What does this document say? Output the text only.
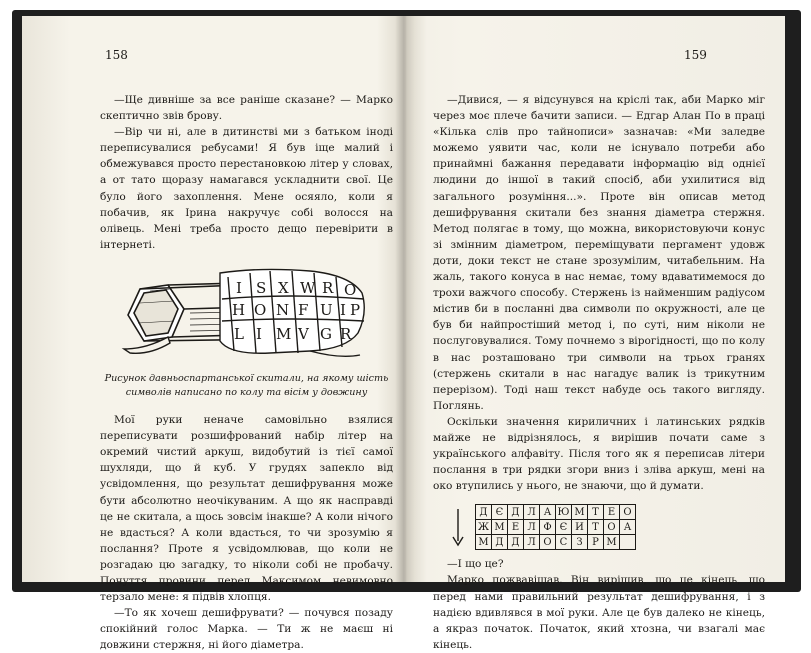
—Ще дивніше за все раніше сказане? — Марко скептично звів брову.

—Вір чи ні, але в дитинстві ми з батьком іноді переписувалися ребусами! Я був іще малий і обмежувався просто перестановкою літер у словах, а от тато щоразу намагався ускладнити свої. Це було його захоплення. Мене осяяло, коли я побачив, як Ірина накручує собі волосся на олівець. Мені треба просто дещо перевірити в інтернеті.

I S X W R O
H O N F U I P
L I M V G R
Рисунок давньоспартанської скитали, на якому шість символів написано по колу та вісім у довжину

Мої руки неначе самовільно взялися переписувати розшифрований набір літер на окремий чистий аркуш, видобутий із тієї самої шухляди, що й куб. У грудях запекло від усвідомлення, що результат дешифрування може бути абсолютно неочікуваним. А що як насправді це не скитала, а щось зовсім інакше? А коли нічого не вдасться? А коли вдасться, то чи зрозумію я послання? Проте я усвідомлював, що коли не розгадаю цю загадку, то ніколи собі не пробачу. Почуття провини перед Максимом невимовно терзало мене: я підвів хлопця.

—То як хочеш дешифрувати? — почувся позаду спокійний голос Марка. — Ти ж не маєш ні довжини стержня, ні його діаметра.

158

—Дивися, — я відсунувся на кріслі так, аби Марко міг через моє плече бачити записи. — Едгар Алан По в праці «Кілька слів про тайнописи» зазначав: «Ми заледве можемо уявити час, коли не існувало потреби або принаймні бажання передавати інформацію від однієї людини до іншої в такий спосіб, аби ухилитися від загального розуміння...». Проте він описав метод дешифрування скитали без знання діаметра стержня. Метод полягає в тому, що можна, використовуючи конус зі змінним діаметром, переміщувати пергамент удовж доти, доки текст не стане зрозумілим, читабельним. На жаль, такого конуса в нас немає, тому вдаватимемося до трохи важчого способу. Стержень із найменшим радіусом містив би в посланні два символи по окружності, але це був би найпростіший метод і, по суті, ним ніколи не послуговувалися. Тому почнемо з вірогідності, що по колу в нас розташовано три символи на трьох гранях (стержень скитали в нас нагадує валик із трикутним перерізом). Тоді наш текст набуде ось такого вигляду. Поглянь.

Оскільки значення кириличних і латинських рядків майже не відрізнялось, я вирішив почати саме з українського алфавіту. Після того як я переписав літери послання в три рядки згори вниз і зліва аркуш, мені на око втупились у нього, не знаючи, що й думати.

Д	Є	Д	Л	А	Ю	М	Т	Е	О
Ж	М	Е	Л	Ф	Є	И	Т	О	А
М	Д	Д	Л	О	С	З	Р	М	

—І що це?

Марко пожвавішав. Він вирішив, що це кінець, що перед нами правильний результат дешифрування, і з надією вдивлявся в мої руки. Але це був далеко не кінець, а якраз початок. Початок, який хтозна, чи взагалі має кінець.

159
